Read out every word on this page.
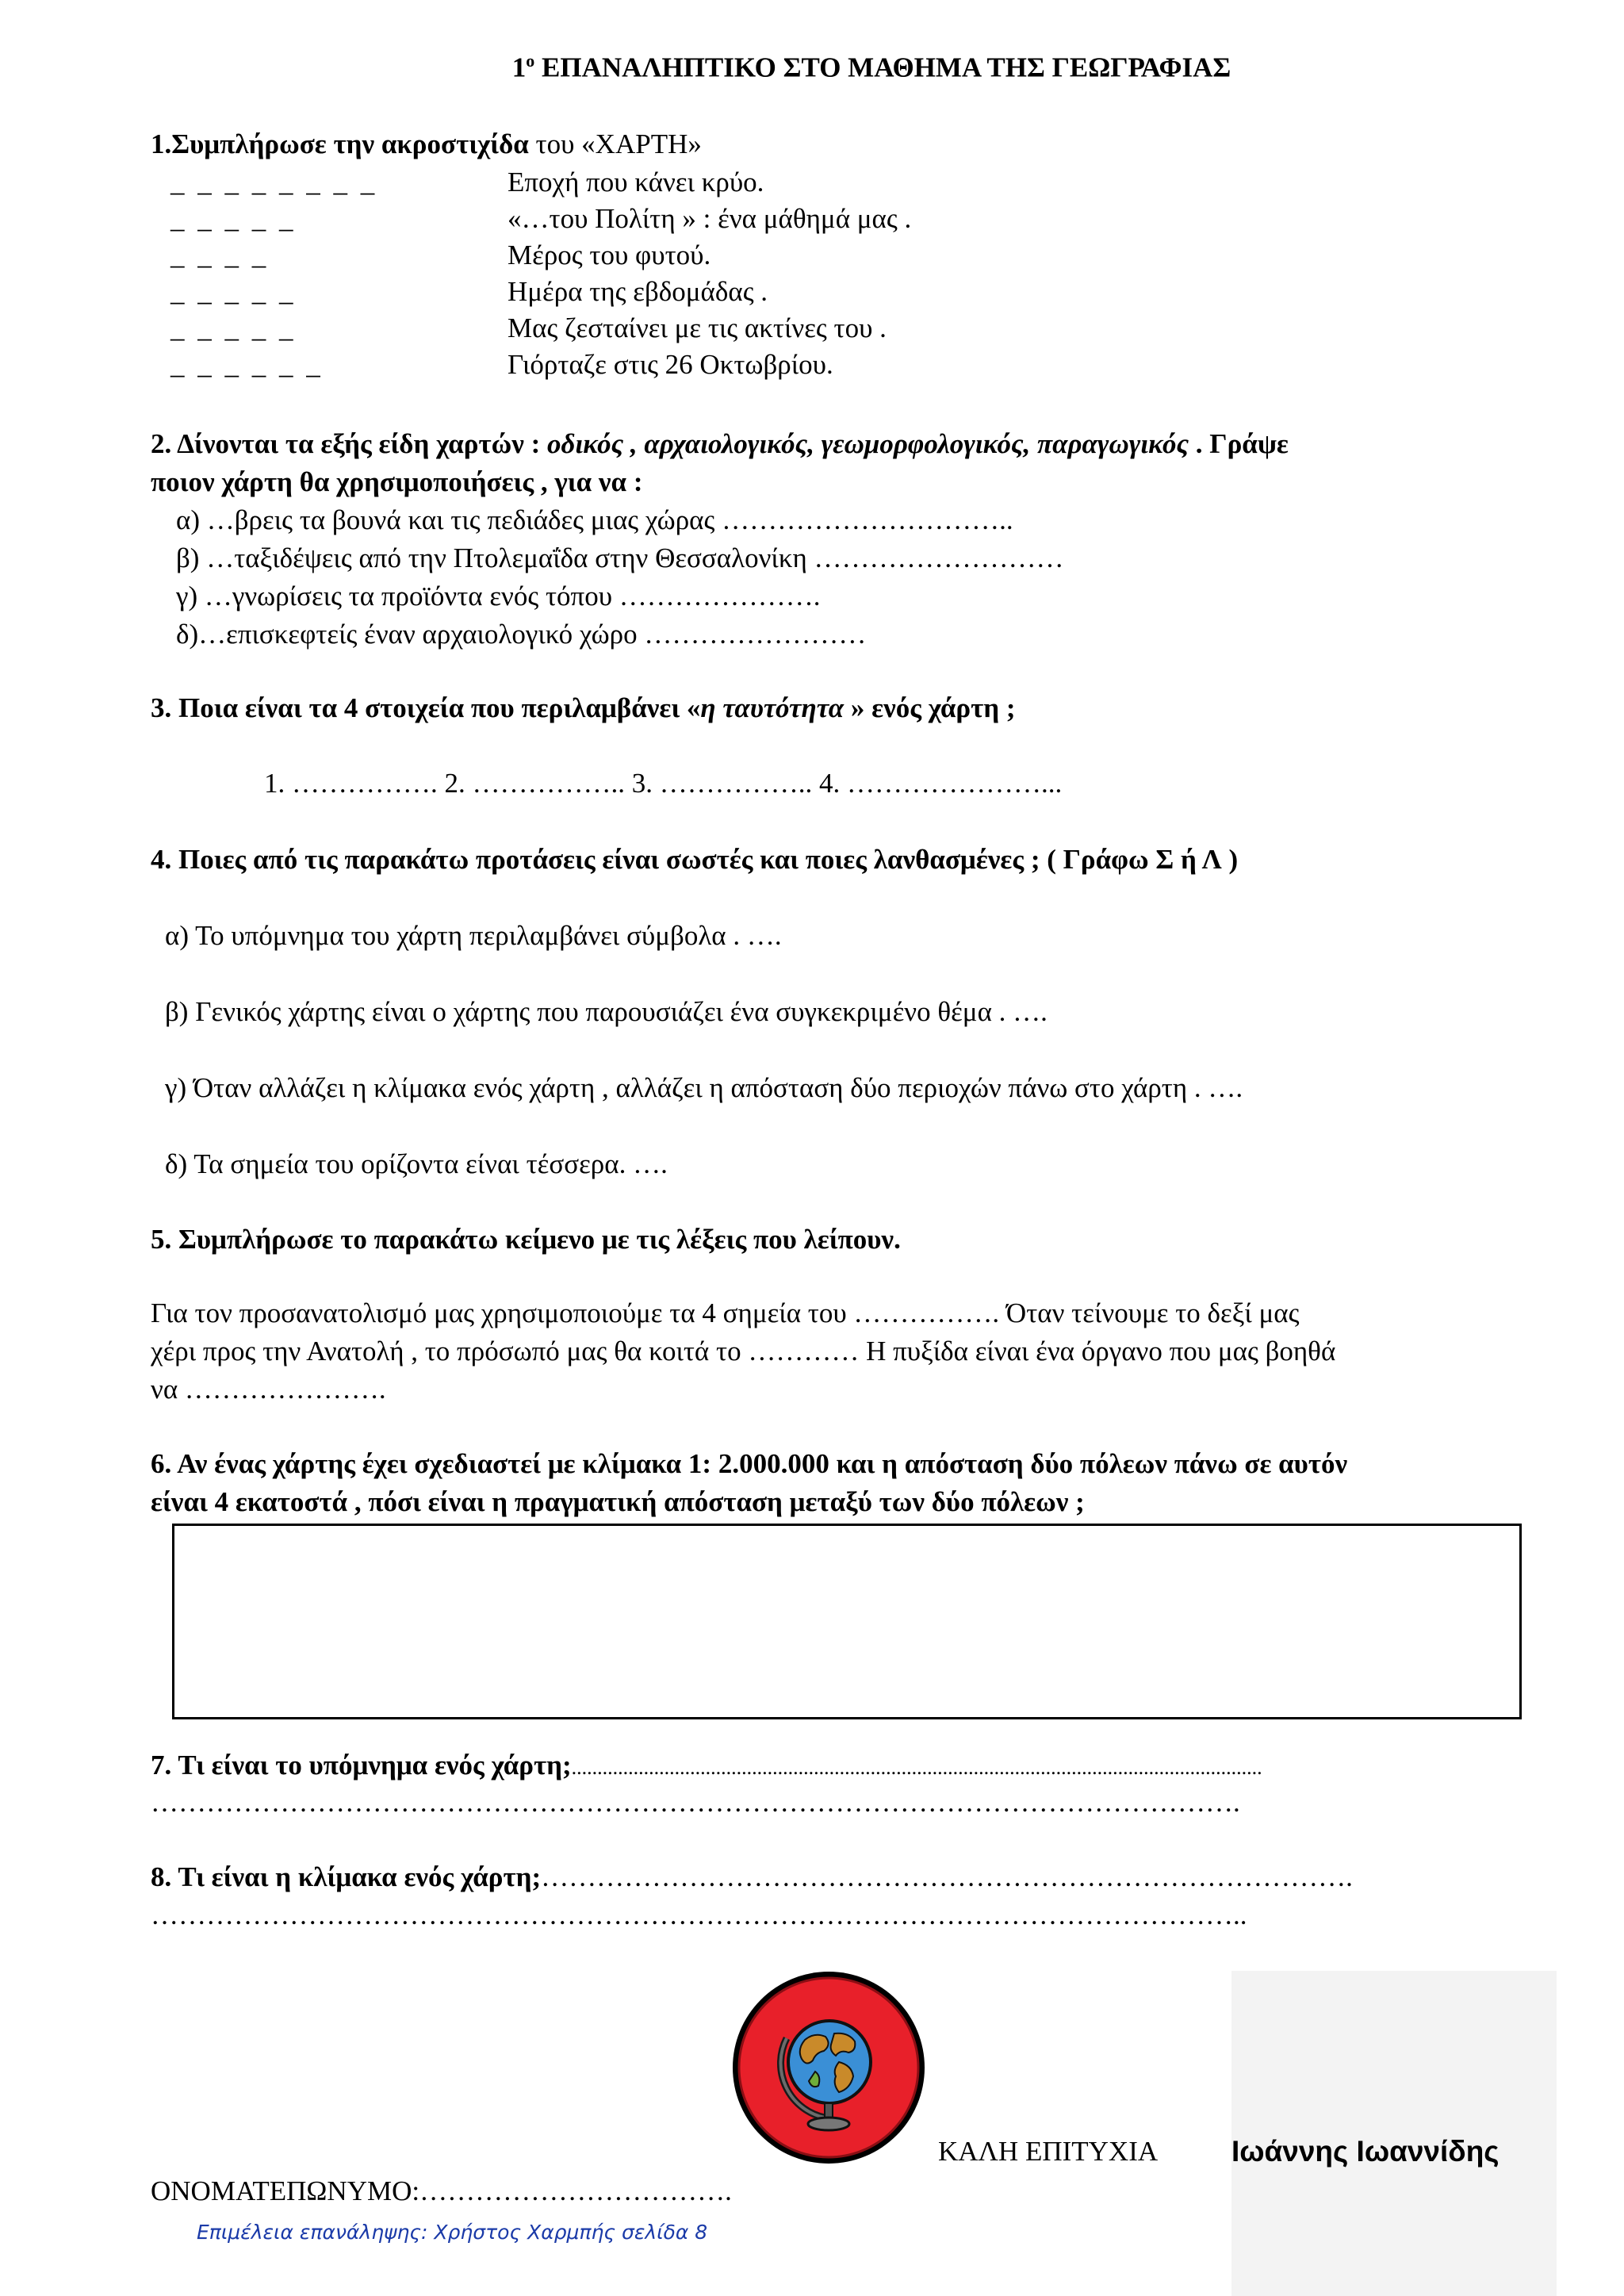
$1^o$ ΕΠΑΝΑΛΗΠΤΙΚΟ ΣΤΟ ΜΑΘΗΜΑ ΤΗΣ ΓΕΩΓΡΑΦΙΑΣ
1.Συμπλήρωσε την ακροστιχίδα του «ΧΑΡΤΗ»
_ _ _ _ _ _ _ _	Εποχή που κάνει κρύο.
_ _ _ _ _	«…του Πολίτη » : ένα μάθημά μας .
_ _ _ _	Μέρος του φυτού.
_ _ _ _ _	Ημέρα της εβδομάδας .
_ _ _ _ _	Μας ζεσταίνει με τις ακτίνες του .
_ _ _ _ _ _	Γιόρταζε στις 26 Οκτωβρίου.
2. Δίνονται τα εξής είδη χαρτών : οδικός , αρχαιολογικός, γεωμορφολογικός, παραγωγικός . Γράψε
ποιον χάρτη θα χρησιμοποιήσεις , για να :
α) …βρεις τα βουνά και τις πεδιάδες μιας χώρας …………………………..
β) …ταξιδέψεις από την Πτολεμαΐδα στην Θεσσαλονίκη ………………………
γ) …γνωρίσεις τα προϊόντα ενός τόπου ………………….
δ)…επισκεφτείς έναν αρχαιολογικό χώρο ……………………
3. Ποια είναι τα 4 στοιχεία που περιλαμβάνει «η ταυτότητα » ενός χάρτη ;
1. ……………. 2. …………….. 3. …………….. 4. …………………...
4. Ποιες από τις παρακάτω προτάσεις είναι σωστές και ποιες λανθασμένες ; ( Γράφω Σ ή Λ )
α) Το υπόμνημα του χάρτη περιλαμβάνει σύμβολα . ….
β) Γενικός χάρτης είναι ο χάρτης που παρουσιάζει ένα συγκεκριμένο θέμα . ….
γ) Όταν αλλάζει η κλίμακα ενός χάρτη , αλλάζει η απόσταση δύο περιοχών πάνω στο χάρτη . ….
δ) Τα σημεία του ορίζοντα είναι τέσσερα. ….
5. Συμπλήρωσε το παρακάτω κείμενο με τις λέξεις που λείπουν.
Για τον προσανατολισμό μας χρησιμοποιούμε τα 4 σημεία του ……………. Όταν τείνουμε το δεξί μας
χέρι προς την Ανατολή , το πρόσωπό μας θα κοιτά το ………… Η πυξίδα είναι ένα όργανο που μας βοηθά
να ………………….
6. Αν ένας χάρτης έχει σχεδιαστεί με κλίμακα 1: 2.000.000 και η απόσταση δύο πόλεων πάνω σε αυτόν
είναι 4 εκατοστά , πόσι είναι η πραγματική απόσταση μεταξύ των δύο πόλεων ;
7. Τι είναι το υπόμνημα ενός χάρτη;......................................................................................................................................
……………………………………………………………………………………………………….
8. Τι είναι η κλίμακα ενός χάρτη;…………………………………………………………………………….
………………………………………………………………………………………………………..
ΚΑΛΗ ΕΠΙΤΥΧΙΑ	Ιωάννης Ιωαννίδης
ΟΝΟΜΑΤΕΠΩΝΥΜΟ:…………………………….
Επιμέλεια επανάληψης: Χρήστος Χαρμπής σελίδα 8
